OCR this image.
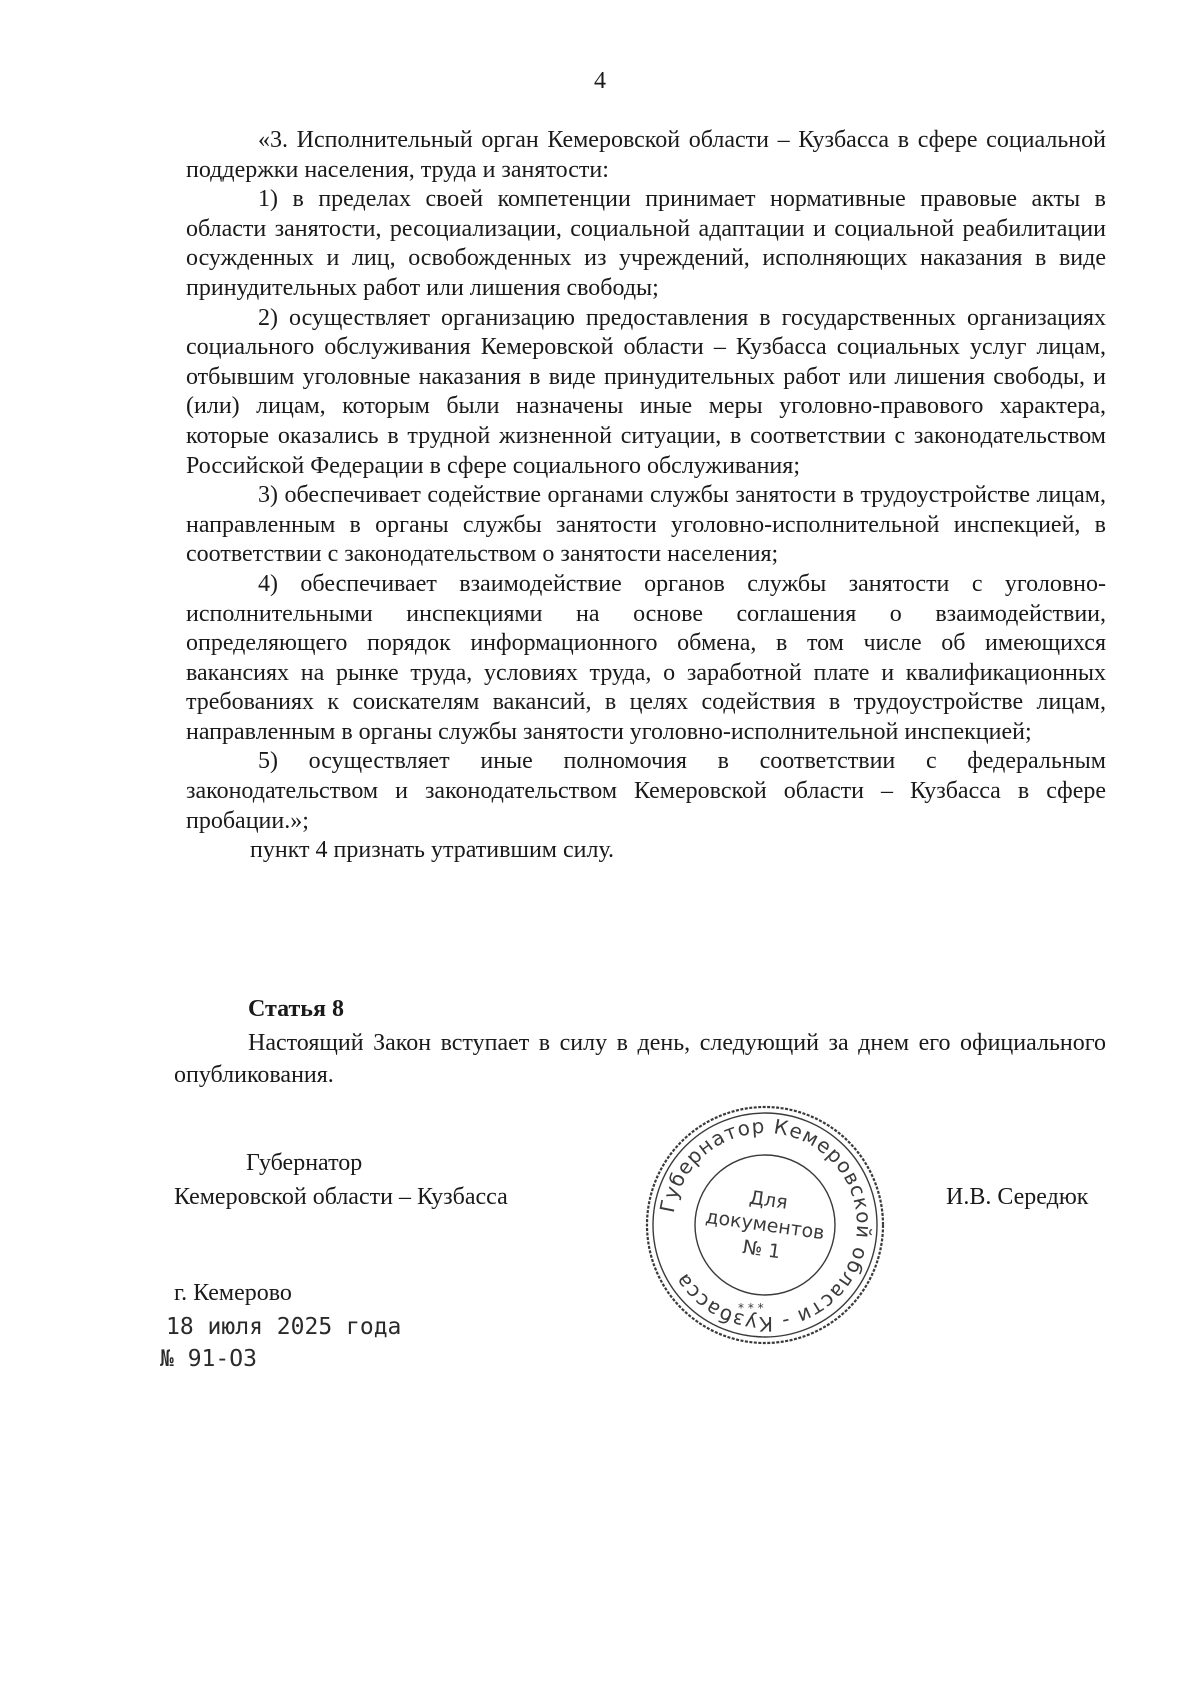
4

«3. Исполнительный орган Кемеровской области – Кузбасса в сфере социальной поддержки населения, труда и занятости:

1) в пределах своей компетенции принимает нормативные правовые акты в области занятости, ресоциализации, социальной адаптации и социальной реабилитации осужденных и лиц, освобожденных из учреждений, исполняющих наказания в виде принудительных работ или лишения свободы;

2) осуществляет организацию предоставления в государственных организациях социального обслуживания Кемеровской области – Кузбасса социальных услуг лицам, отбывшим уголовные наказания в виде принудительных работ или лишения свободы, и (или) лицам, которым были назначены иные меры уголовно-правового характера, которые оказались в трудной жизненной ситуации, в соответствии с законодательством Российской Федерации в сфере социального обслуживания;

3) обеспечивает содействие органами службы занятости в трудоустройстве лицам, направленным в органы службы занятости уголовно-исполнительной инспекцией, в соответствии с законодательством о занятости населения;

4) обеспечивает взаимодействие органов службы занятости с уголовно-исполнительными инспекциями на основе соглашения о взаимодействии, определяющего порядок информационного обмена, в том числе об имеющихся вакансиях на рынке труда, условиях труда, о заработной плате и квалификационных требованиях к соискателям вакансий, в целях содействия в трудоустройстве лицам, направленным в органы службы занятости уголовно-исполнительной инспекцией;

5) осуществляет иные полномочия в соответствии с федеральным законодательством и законодательством Кемеровской области – Кузбасса в сфере пробации.»;

пункт 4 признать утратившим силу.

Статья 8

Настоящий Закон вступает в силу в день, следующий за днем его официального опубликования.

Губернатор
Кемеровской области – Кузбасса	И.В. Середюк
Губернатор Кемеровской области - Кузбасса
Для
документов
№ 1
* * *
г. Кемерово
18 июля 2025 года
№ 91-ОЗ
